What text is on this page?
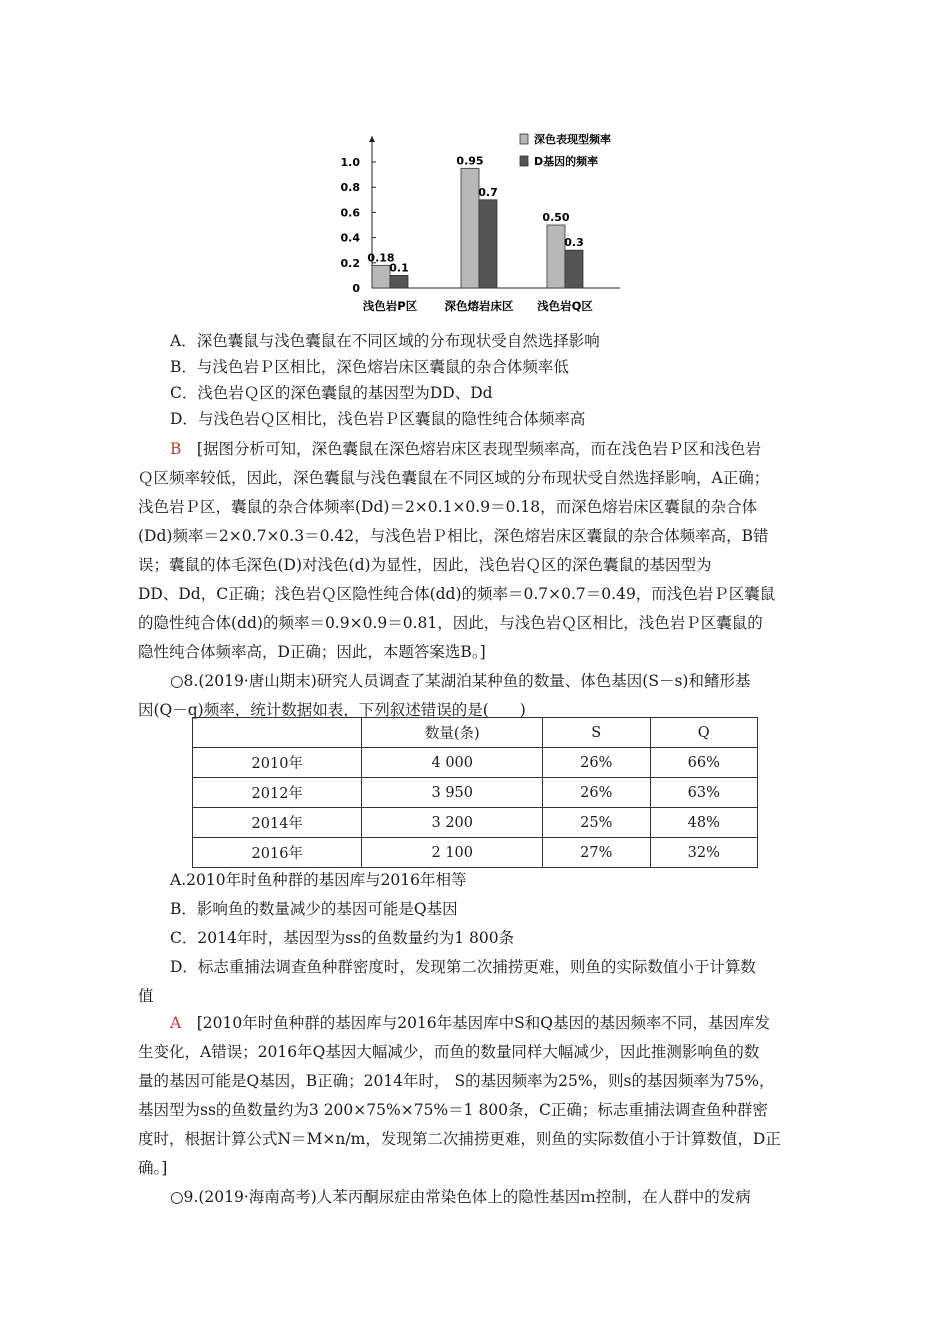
0
0.2
0.4
0.6
0.8
1.0
0.18
0.1
浅色岩P区
0.95
0.7
深色熔岩床区
0.50
0.3
浅色岩Q区
深色表现型频率
D基因的频率
A．深色囊鼠与浅色囊鼠在不同区域的分布现状受自然选择影响
B．与浅色岩Ｐ区相比，深色熔岩床区囊鼠的杂合体频率低
C．浅色岩Ｑ区的深色囊鼠的基因型为DD、Dd
D．与浅色岩Ｑ区相比，浅色岩Ｐ区囊鼠的隐性纯合体频率高
B　 [据图分析可知，深色囊鼠在深色熔岩床区表现型频率高，而在浅色岩Ｐ区和浅色岩
Ｑ区频率较低，因此，深色囊鼠与浅色囊鼠在不同区域的分布现状受自然选择影响，A正确；
浅色岩Ｐ区，囊鼠的杂合体频率(Dd)＝2×0.1×0.9＝0.18，而深色熔岩床区囊鼠的杂合体
(Dd)频率＝2×0.7×0.3＝0.42，与浅色岩Ｐ相比，深色熔岩床区囊鼠的杂合体频率高，B错
误；囊鼠的体毛深色(D)对浅色(d)为显性，因此，浅色岩Ｑ区的深色囊鼠的基因型为
DD、Dd，C正确；浅色岩Ｑ区隐性纯合体(dd)的频率＝0.7×0.7＝0.49，而浅色岩Ｐ区囊鼠
的隐性纯合体(dd)的频率＝0.9×0.9＝0.81，因此，与浅色岩Ｑ区相比，浅色岩Ｐ区囊鼠的
隐性纯合体频率高，D正确；因此，本题答案选B。]
○8.(2019·唐山期末)研究人员调查了某湖泊某种鱼的数量、体色基因(S－s)和鳍形基
因(Q－q)频率，统计数据如表，下列叙述错误的是(　　)
	数量(条)	S	Q
2010年	4 000	26%	66%
2012年	3 950	26%	63%
2014年	3 200	25%	48%
2016年	2 100	27%	32%
A.2010年时鱼种群的基因库与2016年相等
B．影响鱼的数量减少的基因可能是Q基因
C．2014年时，基因型为ss的鱼数量约为1 800条
D．标志重捕法调查鱼种群密度时，发现第二次捕捞更难，则鱼的实际数值小于计算数
值
A　 [2010年时鱼种群的基因库与2016年基因库中S和Q基因的基因频率不同，基因库发
生变化，A错误；2016年Q基因大幅减少，而鱼的数量同样大幅减少，因此推测影响鱼的数
量的基因可能是Q基因，B正确；2014年时， S的基因频率为25%，则s的基因频率为75%，
基因型为ss的鱼数量约为3 200×75%×75%＝1 800条，C正确；标志重捕法调查鱼种群密
度时，根据计算公式N＝M×n/m，发现第二次捕捞更难，则鱼的实际数值小于计算数值，D正
确。]
○9.(2019·海南高考)人苯丙酮尿症由常染色体上的隐性基因ｍ控制，在人群中的发病
